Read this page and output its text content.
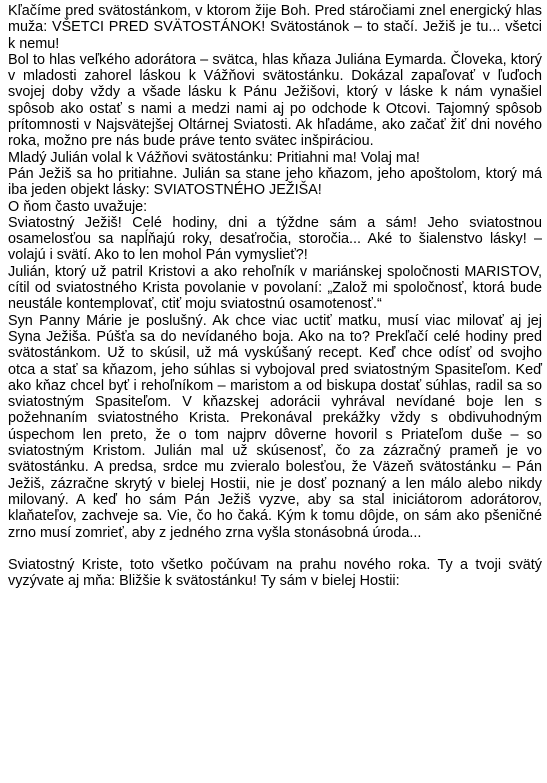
Kľačíme pred svätostánkom, v ktorom žije Boh. Pred stáročiami znel energický hlas muža: VŠETCI PRED SVÄTOSTÁNOK! Svätostánok – to stačí. Ježiš je tu... všetci k nemu!

Bol to hlas veľkého adorátora – svätca, hlas kňaza Juliána Eymarda. Človeka, ktorý v mladosti zahorel láskou k Vážňovi svätostánku. Dokázal zapaľovať v ľuďoch svojej doby vždy a všade lásku k Pánu Ježišovi, ktorý v láske k nám vynašiel spôsob ako ostať s nami a medzi nami aj po odchode k Otcovi. Tajomný spôsob prítomnosti v Najsvätejšej Oltárnej Sviatosti. Ak hľadáme, ako začať žiť dni nového roka, možno pre nás bude práve tento svätec inšpiráciou.

Mladý Julián volal k Vážňovi svätostánku: Pritiahni ma! Volaj ma!

Pán Ježiš sa ho pritiahne. Julián sa stane jeho kňazom, jeho apoštolom, ktorý má iba jeden objekt lásky: SVIATOSTNÉHO JEŽIŠA!

O ňom často uvažuje:

Sviatostný Ježiš! Celé hodiny, dni a týždne sám a sám! Jeho sviatostnou osamelosťou sa napĺňajú roky, desaťročia, storočia... Aké to šialenstvo lásky! – volajú i svätí. Ako to len mohol Pán vymyslieť?!

Julián, ktorý už patril Kristovi a ako rehoľník v mariánskej spoločnosti MARISTOV, cítil od sviatostného Krista povolanie v povolaní: „Založ mi spoločnosť, ktorá bude neustále kontemplovať, ctiť moju sviatostnú osamotenosť.“

Syn Panny Márie je poslušný. Ak chce viac uctiť matku, musí viac milovať aj jej Syna Ježiša. Púšťa sa do nevídaného boja. Ako na to? Prekľačí celé hodiny pred svätostánkom. Už to skúsil, už má vyskúšaný recept. Keď chce odísť od svojho otca a stať sa kňazom, jeho súhlas si vybojoval pred sviatostným Spasiteľom. Keď ako kňaz chcel byť i rehoľníkom – maristom a od biskupa dostať súhlas, radil sa so sviatostným Spasiteľom. V kňazskej adorácii vyhrával nevídané boje len s požehnaním sviatostného Krista. Prekonával prekážky vždy s obdivuhodným úspechom len preto, že o tom najprv dôverne hovoril s Priateľom duše – so sviatostným Kristom. Julián mal už skúsenosť, čo za zázračný prameň je vo svätostánku. A predsa, srdce mu zvieralo bolesťou, že Väzeň svätostánku – Pán Ježiš, zázračne skrytý v bielej Hostii, nie je dosť poznaný a len málo alebo nikdy milovaný. A keď ho sám Pán Ježiš vyzve, aby sa stal iniciátorom adorátorov, klaňateľov, zachveje sa. Vie, čo ho čaká. Kým k tomu dôjde, on sám ako pšeničné zrno musí zomrieť, aby z jedného zrna vyšla stonásobná úroda...

Sviatostný Kriste, toto všetko počúvam na prahu nového roka. Ty a tvoji svätý vyzývate aj mňa: Bližšie k svätostánku! Ty sám v bielej Hostii:
